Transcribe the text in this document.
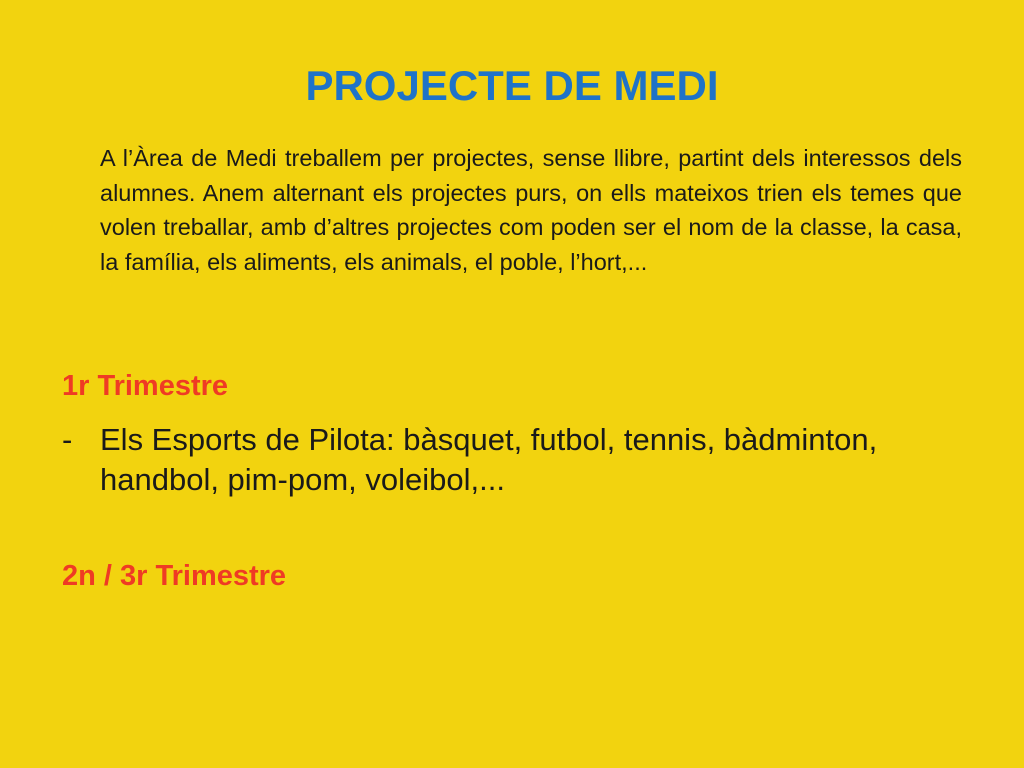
PROJECTE DE MEDI
A l’Àrea de Medi treballem per projectes, sense llibre, partint dels interessos dels alumnes. Anem alternant els projectes purs, on ells mateixos trien els temes que volen treballar, amb d’altres projectes com poden ser el nom de la classe, la casa, la família, els aliments, els animals, el poble, l’hort,...
1r Trimestre
- Els Esports de Pilota: bàsquet, futbol, tennis, bàdminton, handbol, pim-pom, voleibol,...
2n / 3r Trimestre
